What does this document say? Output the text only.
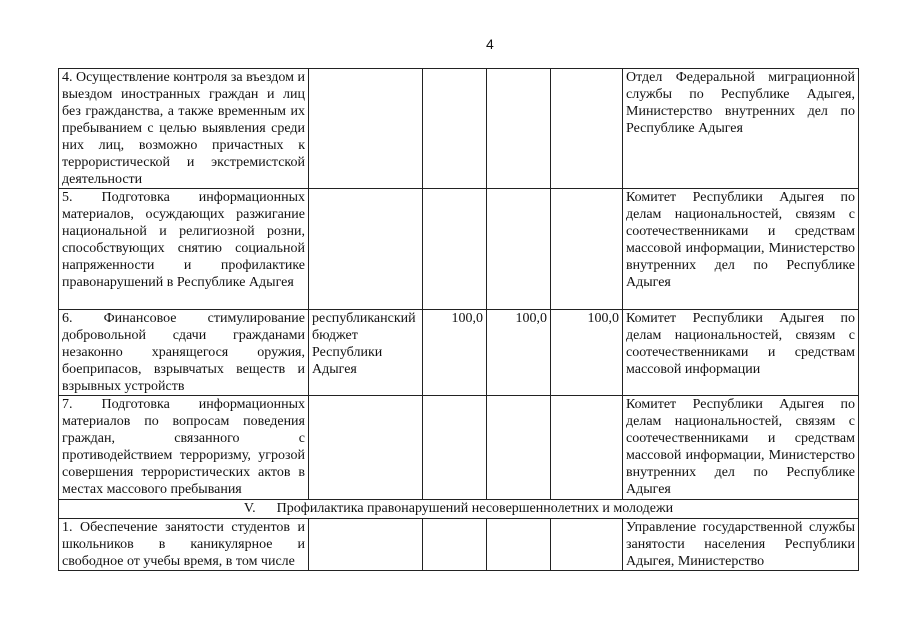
4
4. Осуществление контроля за въездом и выездом иностранных граждан и лиц без гражданства, а также временным их пребыванием с целью выявления среди них лиц, возможно причастных к террористической и экстремистской деятельности					Отдел Федеральной миграционной службы по Республике Адыгея, Министерство внутренних дел по Республике Адыгея
5. Подготовка информационных материалов, осуждающих разжигание национальной и религиозной розни, способствующих снятию социальной напряженности и профилактике правонарушений в Республике Адыгея					Комитет Республики Адыгея по делам национальностей, связям с соотечественниками и средствам массовой информации, Министерство внутренних дел по Республике Адыгея
6. Финансовое стимулирование добровольной сдачи гражданами незаконно хранящегося оружия, боеприпасов, взрывчатых веществ и взрывных устройств	республиканский бюджет Республики Адыгея	100,0	100,0	100,0	Комитет Республики Адыгея по делам национальностей, связям с соотечественниками и средствам массовой информации
7. Подготовка информационных материалов по вопросам поведения граждан, связанного с противодействием терроризму, угрозой совершения террористических актов в местах массового пребывания					Комитет Республики Адыгея по делам национальностей, связям с соотечественниками и средствам массовой информации, Министерство внутренних дел по Республике Адыгея
V.      Профилактика правонарушений несовершеннолетних и молодежи					
1. Обеспечение занятости студентов и школьников в каникулярное и свободное от учебы время, в том числе					Управление государственной службы занятости населения Республики Адыгея, Министерство
